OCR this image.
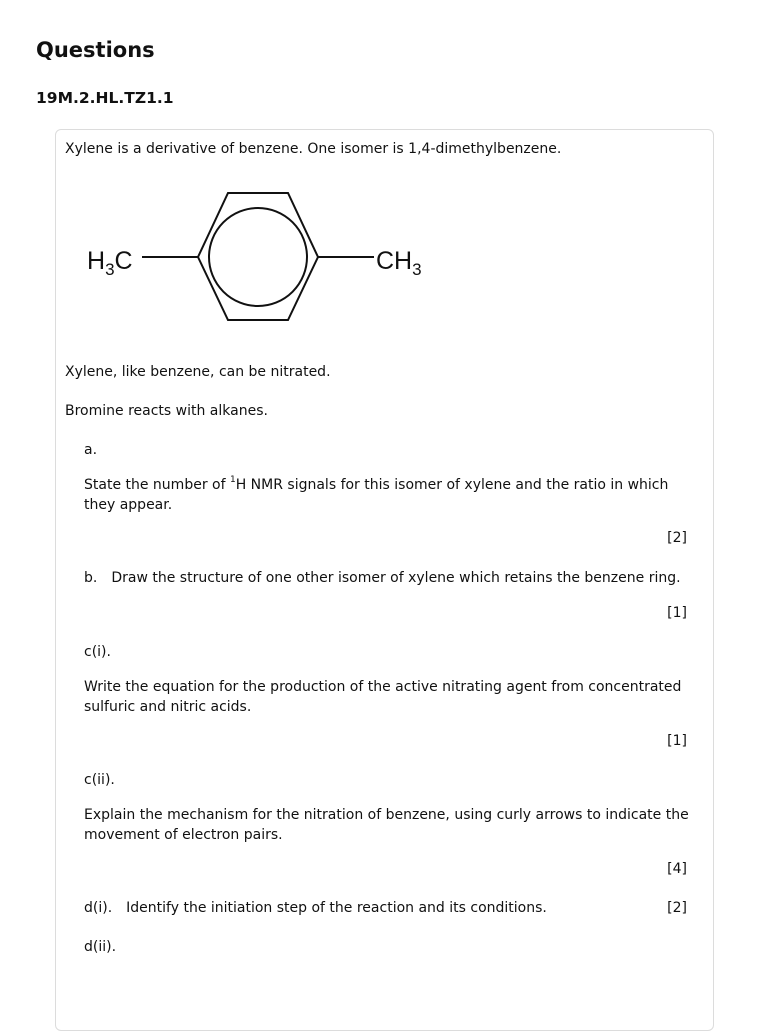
Questions
19M.2.HL.TZ1.1
Xylene is a derivative of benzene. One isomer is 1,4-dimethylbenzene.
$H_3C$	$CH_3$
Xylene, like benzene, can be nitrated.
Bromine reacts with alkanes.
a.
State the number of $^1$H NMR signals for this isomer of xylene and the ratio in which they appear.
[2]
b. Draw the structure of one other isomer of xylene which retains the benzene ring.
[1]
c(i).
Write the equation for the production of the active nitrating agent from concentrated sulfuric and nitric acids.
[1]
c(ii).
Explain the mechanism for the nitration of benzene, using curly arrows to indicate the movement of electron pairs.
[4]
d(i). Identify the initiation step of the reaction and its conditions.	[2]
d(ii).
